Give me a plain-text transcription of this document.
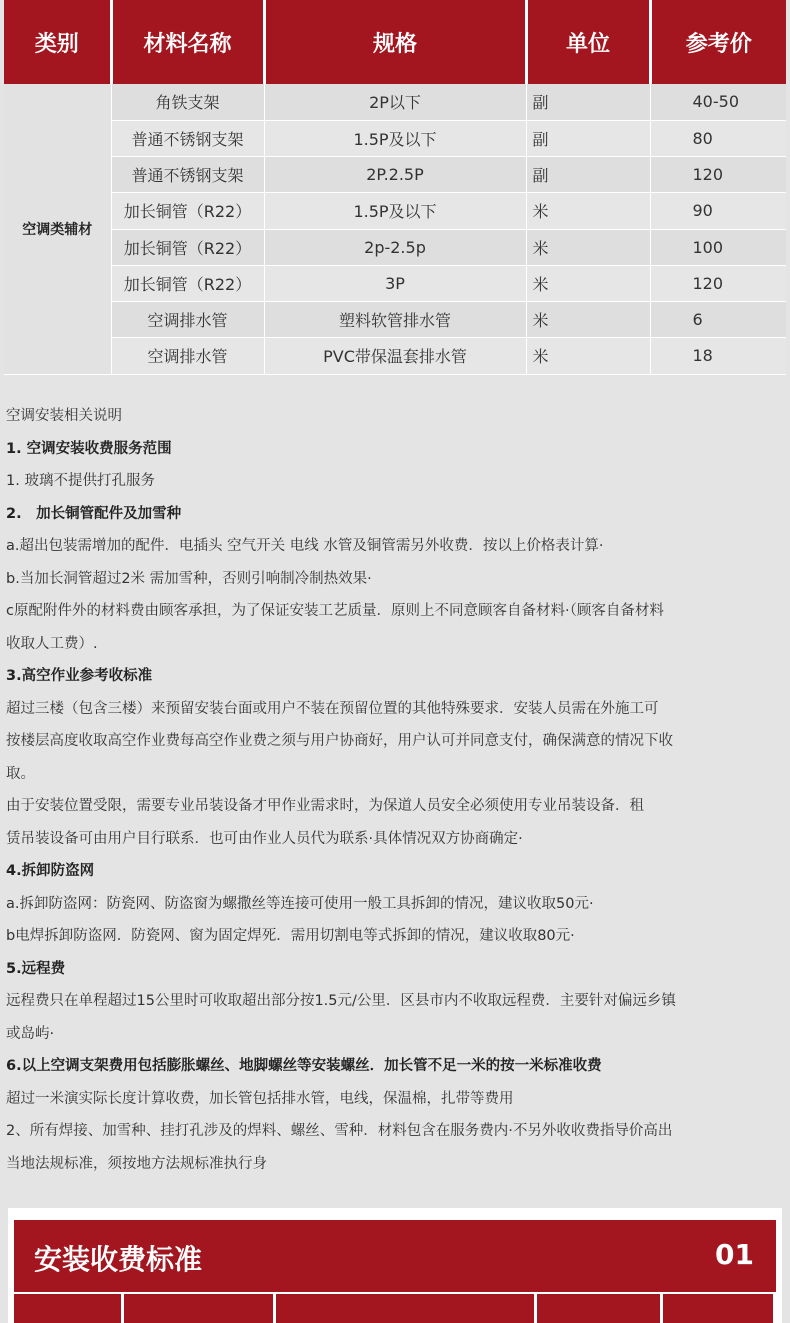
类别	材料名称	规格	单位	参考价
空调类辅材	角铁支架	2P以下	副	40-50
	普通不锈钢支架	1.5P及以下	副	80
	普通不锈钢支架	2P.2.5P	副	120
	加长铜管（R22）	1.5P及以下	米	90
	加长铜管（R22）	2p-2.5p	米	100
	加长铜管（R22）	3P	米	120
	空调排水管	塑料软管排水管	米	6
	空调排水管	PVC带保温套排水管	米	18

空调安装相关说明

1. 空调安装收费服务范围

1. 玻璃不提供打孔服务

2.　加长铜管配件及加雪种

a.超出包装需增加的配件．电插头 空气开关 电线 水管及铜管需另外收费．按以上价格表计算·

b.当加长洞管超过2米 需加雪种，否则引响制冷制热效果·

c原配附件外的材料费由顾客承担，为了保证安装工艺质量．原则上不同意顾客自备材料·（顾客自备材料

收取人工费）.

3.高空作业参考收标准

超过三楼（包含三楼）来预留安装台面或用户不装在预留位置的其他特殊要求．安装人员需在外施工可

按楼层高度收取高空作业费每高空作业费之须与用户协商好，用户认可并同意支付，确保满意的情况下收

取。

由于安装位置受限，需要专业吊装设备才甲作业需求时，为保道人员安全必须使用专业吊装设备．租

赁吊装设备可由用户目行联系．也可由作业人员代为联系·具体情况双方协商确定·

4.拆卸防盗网

a.拆卸防盗网：防瓷网、防盗窗为螺撒丝等连接可使用一般工具拆卸的情况，建议收取50元·

b电焊拆卸防盗网．防瓷网、窗为固定焊死．需用切割电等式拆卸的情况，建议收取80元·

5.远程费

远程费只在单程超过15公里时可收取超出部分按1.5元/公里．区县市内不收取远程费．主要针对偏远乡镇

或岛屿·

6.以上空调支架费用包括膨胀螺丝、地脚螺丝等安装螺丝．加长管不足一米的按一米标准收费

超过一米演实际长度计算收费，加长管包括排水管，电线，保温棉，扎带等费用

2、所有焊接、加雪种、挂打孔涉及的焊料、螺丝、雪种．材料包含在服务费内·不另外收收费指导价高出

当地法规标准，须按地方法规标准执行身

安装收费标准	01
